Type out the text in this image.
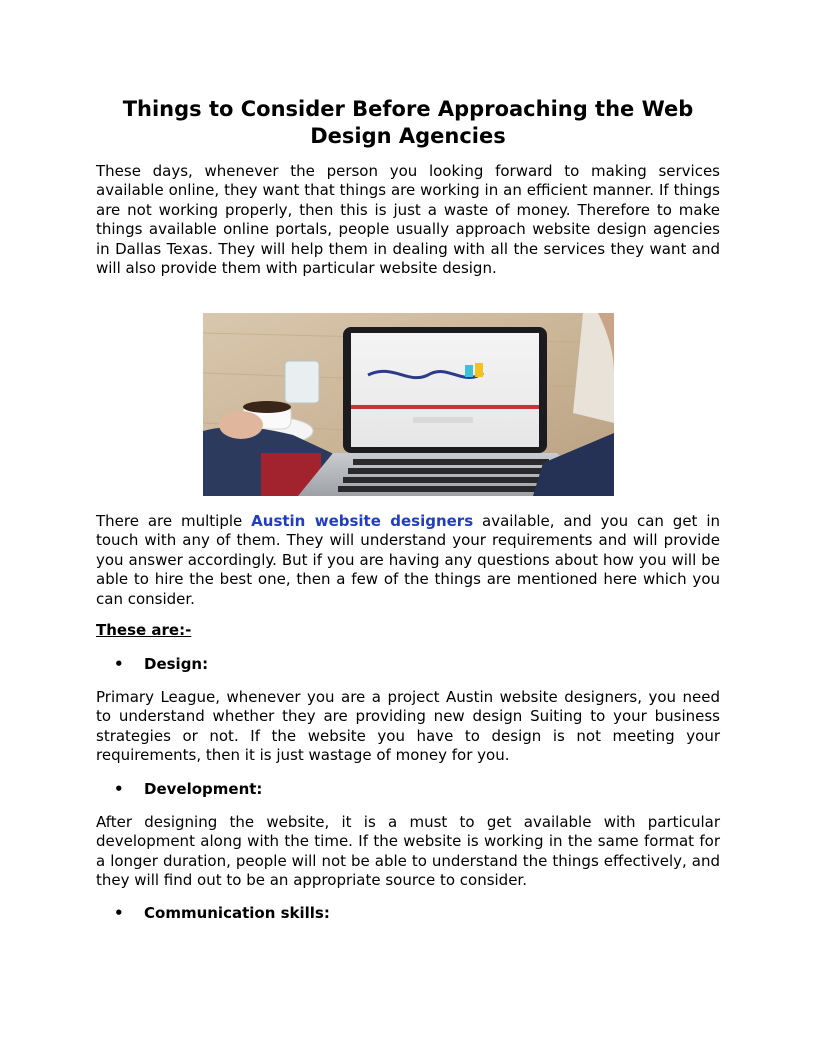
Things to Consider Before Approaching the Web Design Agencies

These days, whenever the person you looking forward to making services available online, they want that things are working in an efficient manner. If things are not working properly, then this is just a waste of money. Therefore to make things available online portals, people usually approach website design agencies in Dallas Texas. They will help them in dealing with all the services they want and will also provide them with particular website design.

There are multiple Austin website designers available, and you can get in touch with any of them. They will understand your requirements and will provide you answer accordingly. But if you are having any questions about how you will be able to hire the best one, then a few of the things are mentioned here which you can consider.

These are:-

• Design:

Primary League, whenever you are a project Austin website designers, you need to understand whether they are providing new design Suiting to your business strategies or not. If the website you have to design is not meeting your requirements, then it is just wastage of money for you.

• Development:

After designing the website, it is a must to get available with particular development along with the time. If the website is working in the same format for a longer duration, people will not be able to understand the things effectively, and they will find out to be an appropriate source to consider.

• Communication skills:
